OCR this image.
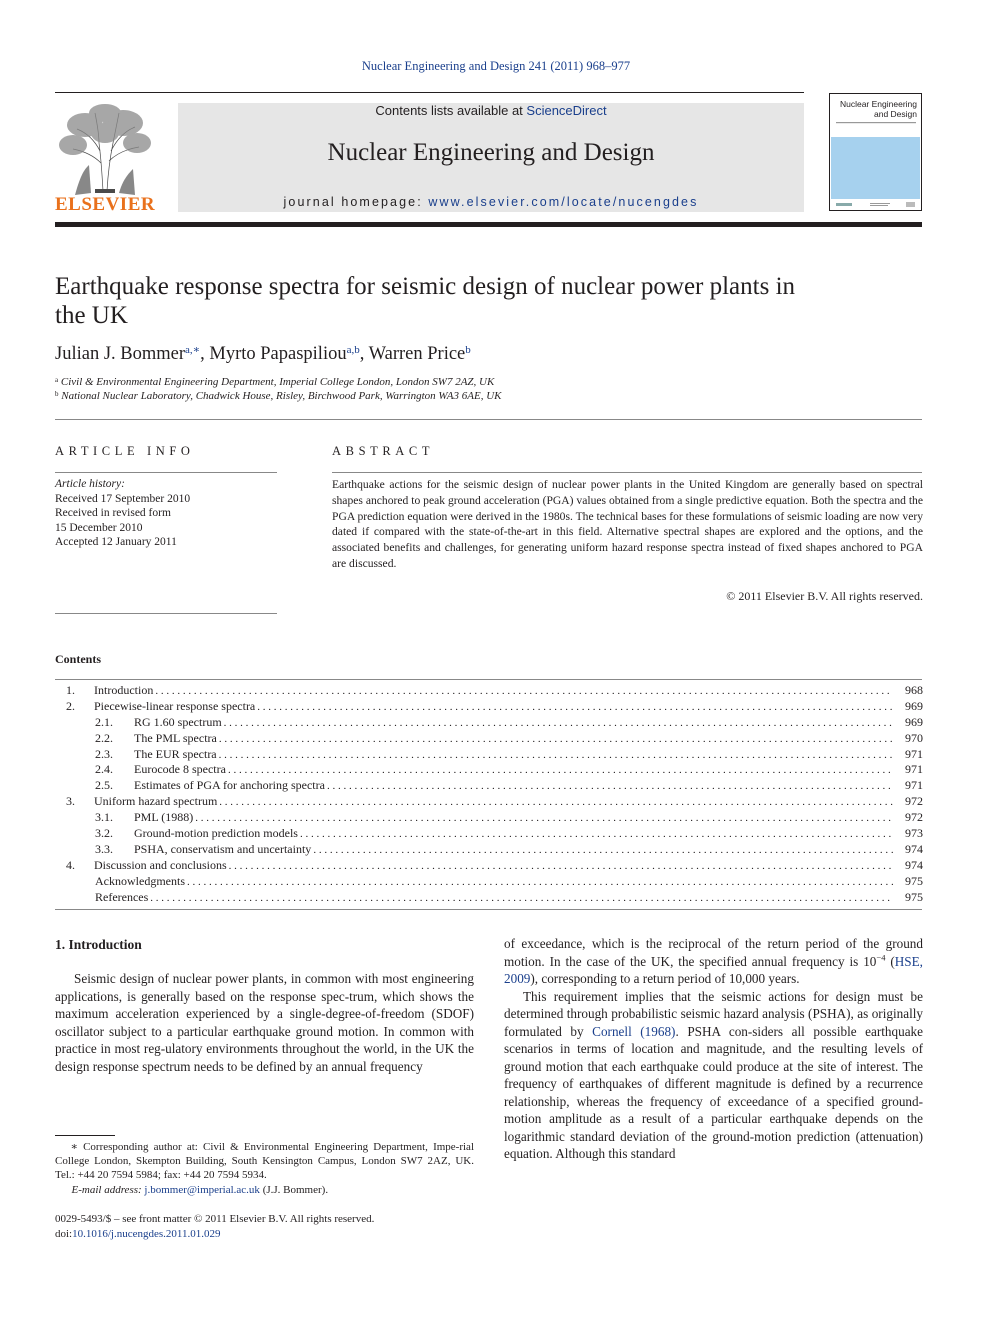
Nuclear Engineering and Design 241 (2011) 968–977
ELSEVIER
Contents lists available at ScienceDirect
Nuclear Engineering and Design
journal homepage: www.elsevier.com/locate/nucengdes
Nuclear Engineering
and Design
Earthquake response spectra for seismic design of nuclear power plants in the UK
Julian J. Bommer$^{a,∗}$, Myrto Papaspiliou$^{a,b}$, Warren Price$^b$
$^a$ Civil & Environmental Engineering Department, Imperial College London, London SW7 2AZ, UK
$^b$ National Nuclear Laboratory, Chadwick House, Risley, Birchwood Park, Warrington WA3 6AE, UK
ARTICLE INFO	ABSTRACT
Article history:
Received 17 September 2010
Received in revised form
15 December 2010
Accepted 12 January 2011
Earthquake actions for the seismic design of nuclear power plants in the United Kingdom are generally based on spectral shapes anchored to peak ground acceleration (PGA) values obtained from a single predictive equation. Both the spectra and the PGA prediction equation were derived in the 1980s. The technical bases for these formulations of seismic loading are now very dated if compared with the state-of-the-art in this field. Alternative spectral shapes are explored and the options, and the associated benefits and challenges, for generating uniform hazard response spectra instead of fixed shapes anchored to PGA are discussed.
© 2011 Elsevier B.V. All rights reserved.
Contents
1.	Introduction . . .	968
2.	Piecewise-linear response spectra . . .	969
2.1.	RG 1.60 spectrum . . .	969
2.2.	The PML spectra . . .	970
2.3.	The EUR spectra . . .	971
2.4.	Eurocode 8 spectra . . .	971
2.5.	Estimates of PGA for anchoring spectra . . .	971
3.	Uniform hazard spectrum . . .	972
3.1.	PML (1988) . . .	972
3.2.	Ground-motion prediction models . . .	973
3.3.	PSHA, conservatism and uncertainty . . .	974
4.	Discussion and conclusions . . .	974
Acknowledgments . . .	975
References . . .	975
1. Introduction

Seismic design of nuclear power plants, in common with most engineering applications, is generally based on the response spec-trum, which shows the maximum acceleration experienced by a single-degree-of-freedom (SDOF) oscillator subject to a particular earthquake ground motion. In common with practice in most reg-ulatory environments throughout the world, in the UK the design response spectrum needs to be defined by an annual frequency

of exceedance, which is the reciprocal of the return period of the ground motion. In the case of the UK, the specified annual frequency is $10^{-4}$ (HSE, 2009), corresponding to a return period of 10,000 years.

This requirement implies that the seismic actions for design must be determined through probabilistic seismic hazard analysis (PSHA), as originally formulated by Cornell (1968). PSHA con-siders all possible earthquake scenarios in terms of location and magnitude, and the resulting levels of ground motion that each earthquake could produce at the site of interest. The frequency of earthquakes of different magnitude is defined by a recurrence relationship, whereas the frequency of exceedance of a specified ground-motion amplitude as a result of a particular earthquake depends on the logarithmic standard deviation of the ground-motion prediction (attenuation) equation. Although this standard

∗ Corresponding author at: Civil & Environmental Engineering Department, Impe-rial College London, Skempton Building, South Kensington Campus, London SW7 2AZ, UK. Tel.: +44 20 7594 5984; fax: +44 20 7594 5934.
E-mail address: j.bommer@imperial.ac.uk (J.J. Bommer).
0029-5493/$ – see front matter © 2011 Elsevier B.V. All rights reserved.
doi:10.1016/j.nucengdes.2011.01.029
